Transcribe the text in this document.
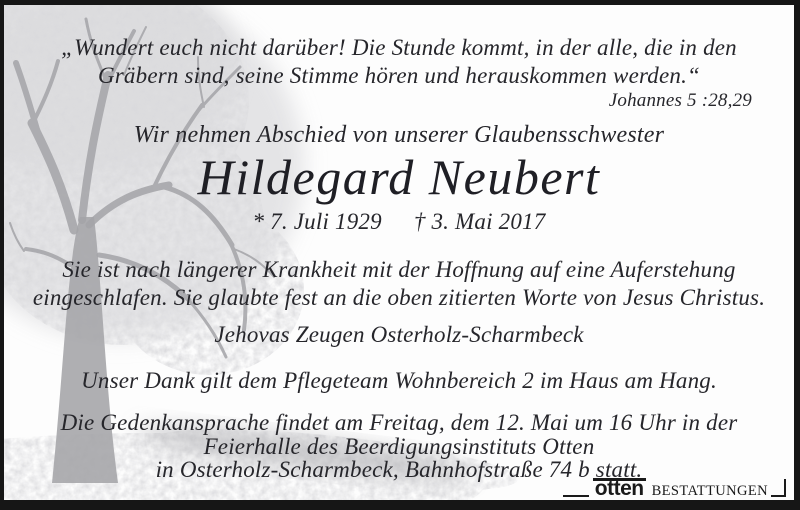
„Wundert euch nicht darüber! Die Stunde kommt, in der alle, die in den

Gräbern sind, seine Stimme hören und herauskommen werden.“

Johannes 5 :28,29

Wir nehmen Abschied von unserer Glaubensschwester

Hildegard Neubert

* 7. Juli 1929 † 3. Mai 2017

Sie ist nach längerer Krankheit mit der Hoffnung auf eine Auferstehung

eingeschlafen. Sie glaubte fest an die oben zitierten Worte von Jesus Christus.

Jehovas Zeugen Osterholz-Scharmbeck

Unser Dank gilt dem Pflegeteam Wohnbereich 2 im Haus am Hang.

Die Gedenkansprache findet am Freitag, dem 12. Mai um 16 Uhr in der

Feierhalle des Beerdigungsinstituts Otten

in Osterholz-Scharmbeck, Bahnhofstraße 74 b statt.

otten BESTATTUNGEN
